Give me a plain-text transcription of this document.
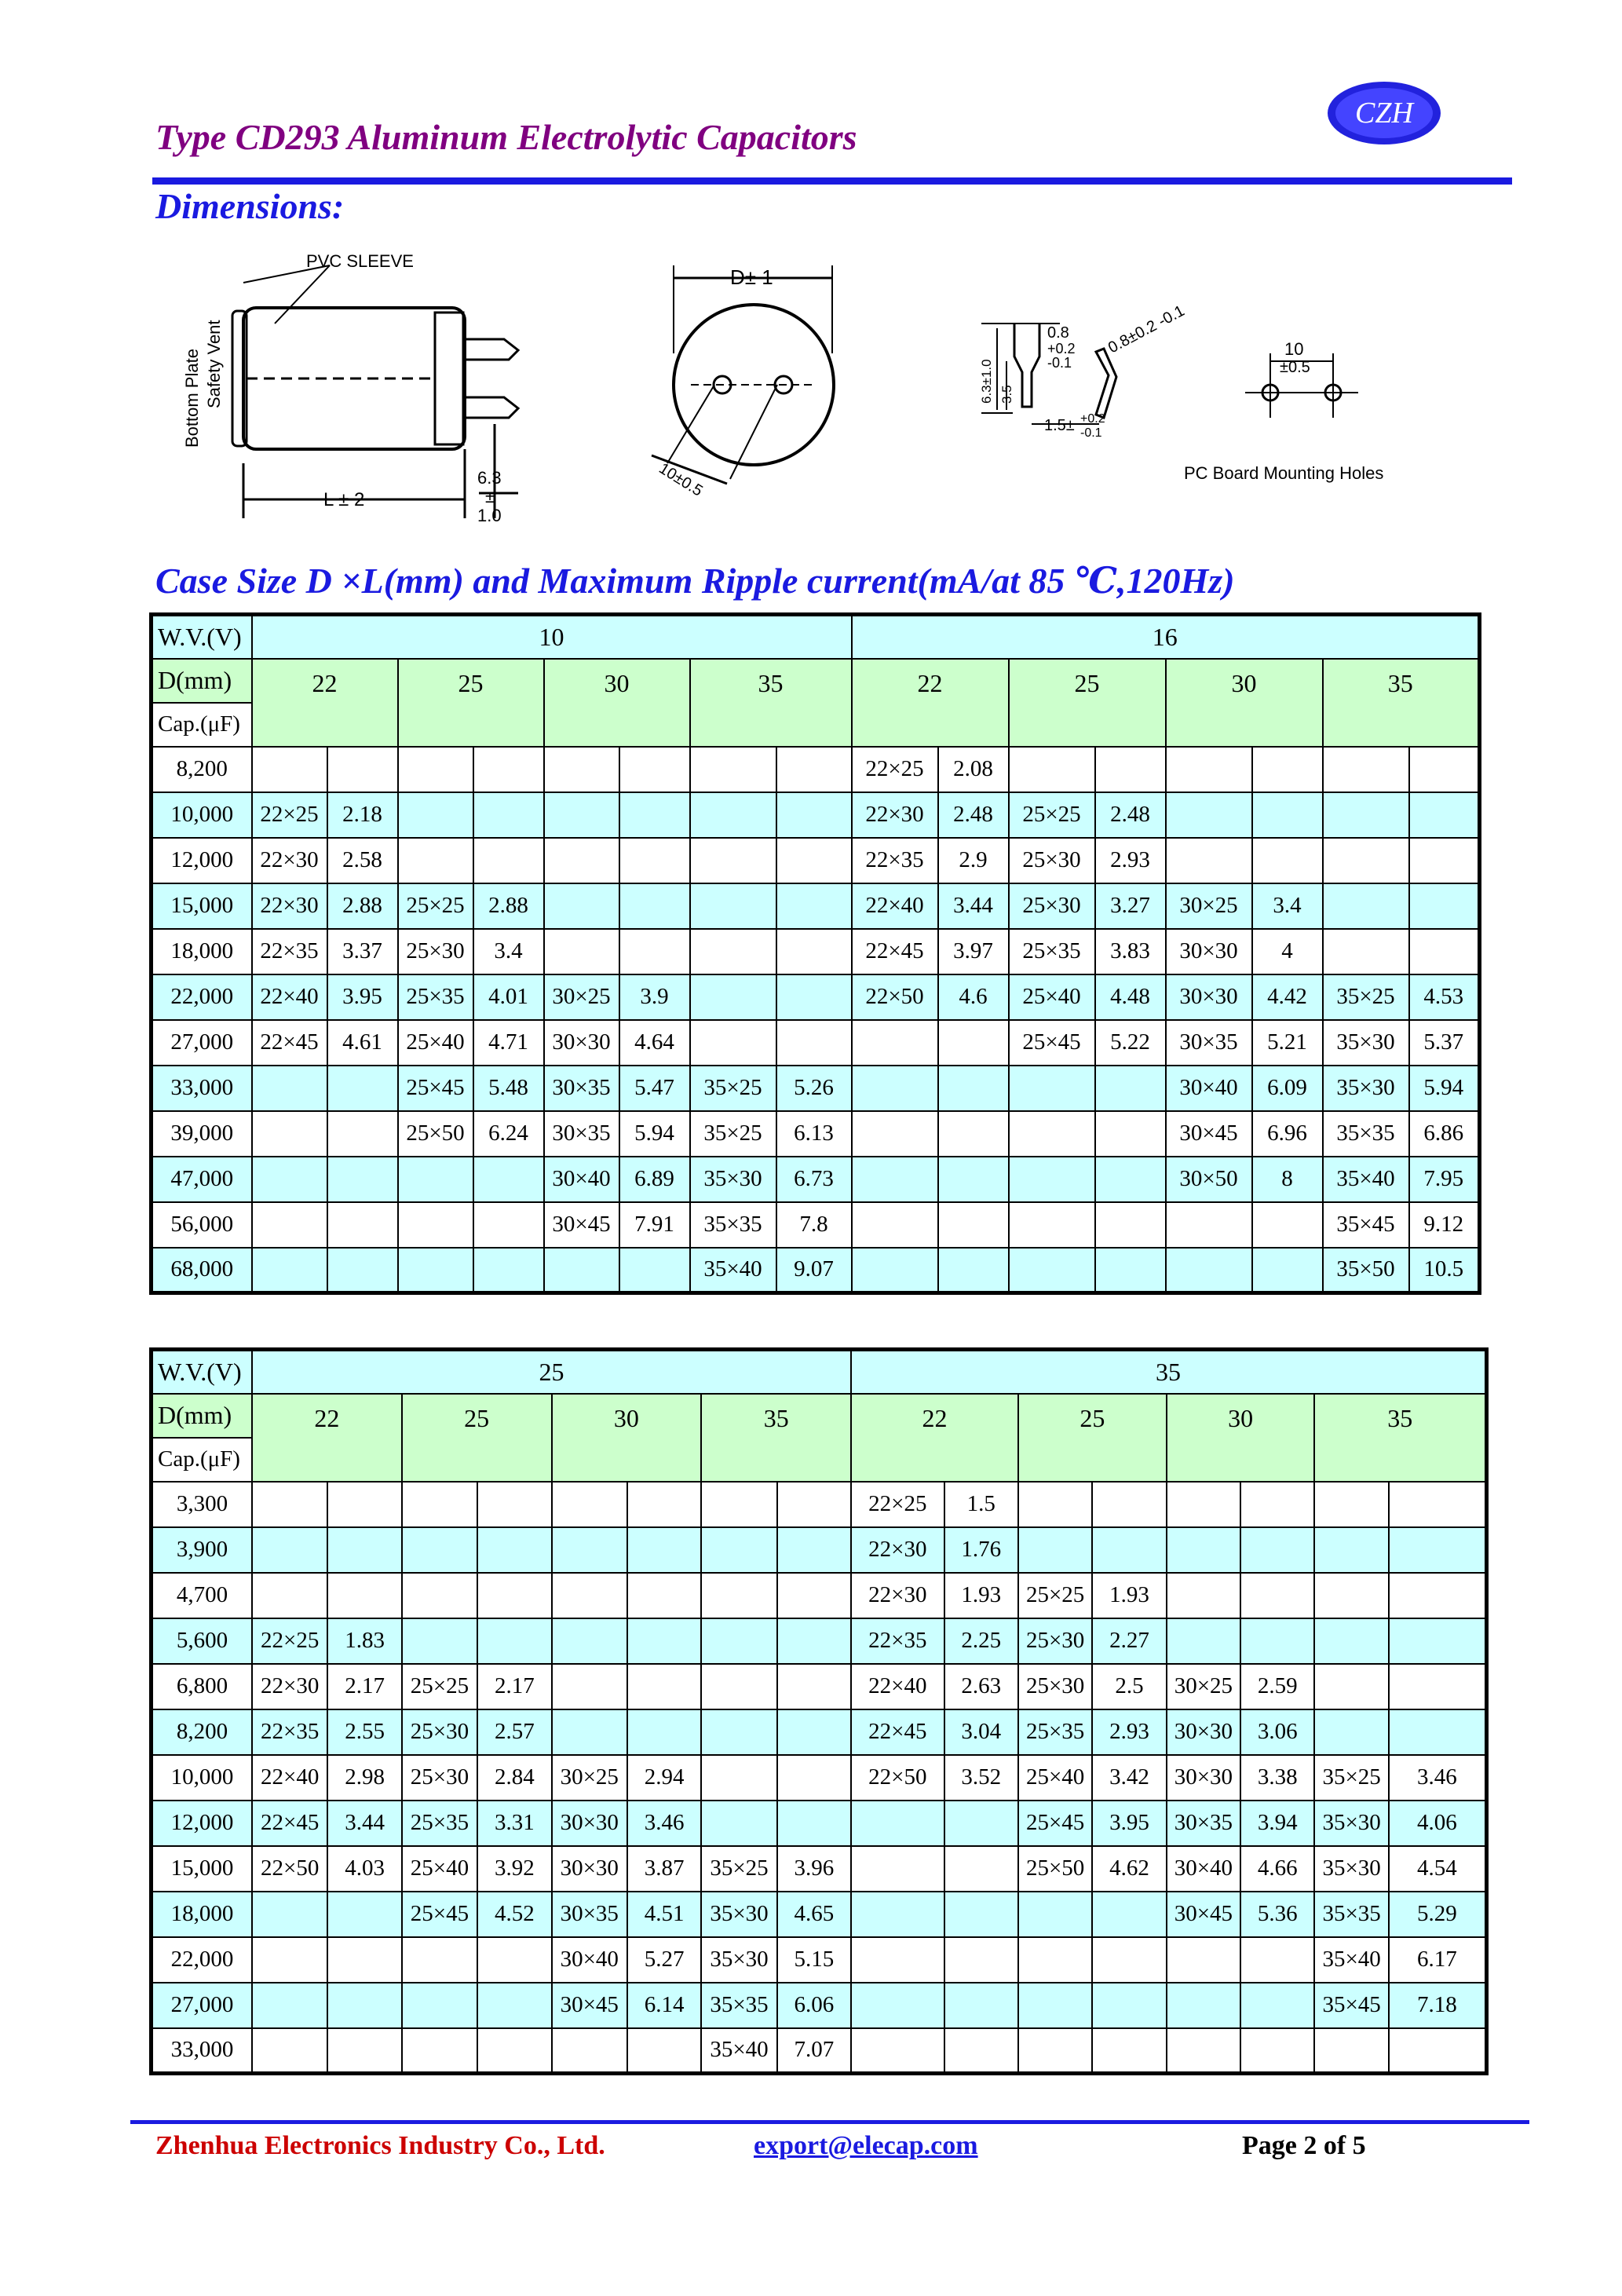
Type CD293 Aluminum Electrolytic Capacitors
CZH
Dimensions:
PVC SLEEVE
Bottom Plate Safety Vent
L ± 2
6.3
±
1.0
D± 1
10±0.5
6.3±1.0 3.5
0.8
+0.2
-0.1
1.5± +0.2
-0.1
0.8±0.2 -0.1	10
±0.5
PC Board Mounting Holes
Case Size D ×L(mm) and Maximum Ripple current(mA/at 85 ℃,120Hz)
W.V.(V)	10								16							
D(mm)	22		25		30		35		22		25		30		35	
Cap.(μF)																
8,200									22×25	2.08						
10,000	22×25	2.18							22×30	2.48	25×25	2.48				
12,000	22×30	2.58							22×35	2.9	25×30	2.93				
15,000	22×30	2.88	25×25	2.88					22×40	3.44	25×30	3.27	30×25	3.4		
18,000	22×35	3.37	25×30	3.4					22×45	3.97	25×35	3.83	30×30	4		
22,000	22×40	3.95	25×35	4.01	30×25	3.9			22×50	4.6	25×40	4.48	30×30	4.42	35×25	4.53
27,000	22×45	4.61	25×40	4.71	30×30	4.64					25×45	5.22	30×35	5.21	35×30	5.37
33,000			25×45	5.48	30×35	5.47	35×25	5.26					30×40	6.09	35×30	5.94
39,000			25×50	6.24	30×35	5.94	35×25	6.13					30×45	6.96	35×35	6.86
47,000					30×40	6.89	35×30	6.73					30×50	8	35×40	7.95
56,000					30×45	7.91	35×35	7.8							35×45	9.12
68,000							35×40	9.07							35×50	10.5
W.V.(V)	25								35							
D(mm)	22		25		30		35		22		25		30		35	
Cap.(μF)																
3,300									22×25	1.5						
3,900									22×30	1.76						
4,700									22×30	1.93	25×25	1.93				
5,600	22×25	1.83							22×35	2.25	25×30	2.27				
6,800	22×30	2.17	25×25	2.17					22×40	2.63	25×30	2.5	30×25	2.59		
8,200	22×35	2.55	25×30	2.57					22×45	3.04	25×35	2.93	30×30	3.06		
10,000	22×40	2.98	25×30	2.84	30×25	2.94			22×50	3.52	25×40	3.42	30×30	3.38	35×25	3.46
12,000	22×45	3.44	25×35	3.31	30×30	3.46					25×45	3.95	30×35	3.94	35×30	4.06
15,000	22×50	4.03	25×40	3.92	30×30	3.87	35×25	3.96			25×50	4.62	30×40	4.66	35×30	4.54
18,000			25×45	4.52	30×35	4.51	35×30	4.65					30×45	5.36	35×35	5.29
22,000					30×40	5.27	35×30	5.15							35×40	6.17
27,000					30×45	6.14	35×35	6.06							35×45	7.18
33,000							35×40	7.07								
Zhenhua Electronics Industry Co., Ltd.	export@elecap.com	Page 2 of 5
